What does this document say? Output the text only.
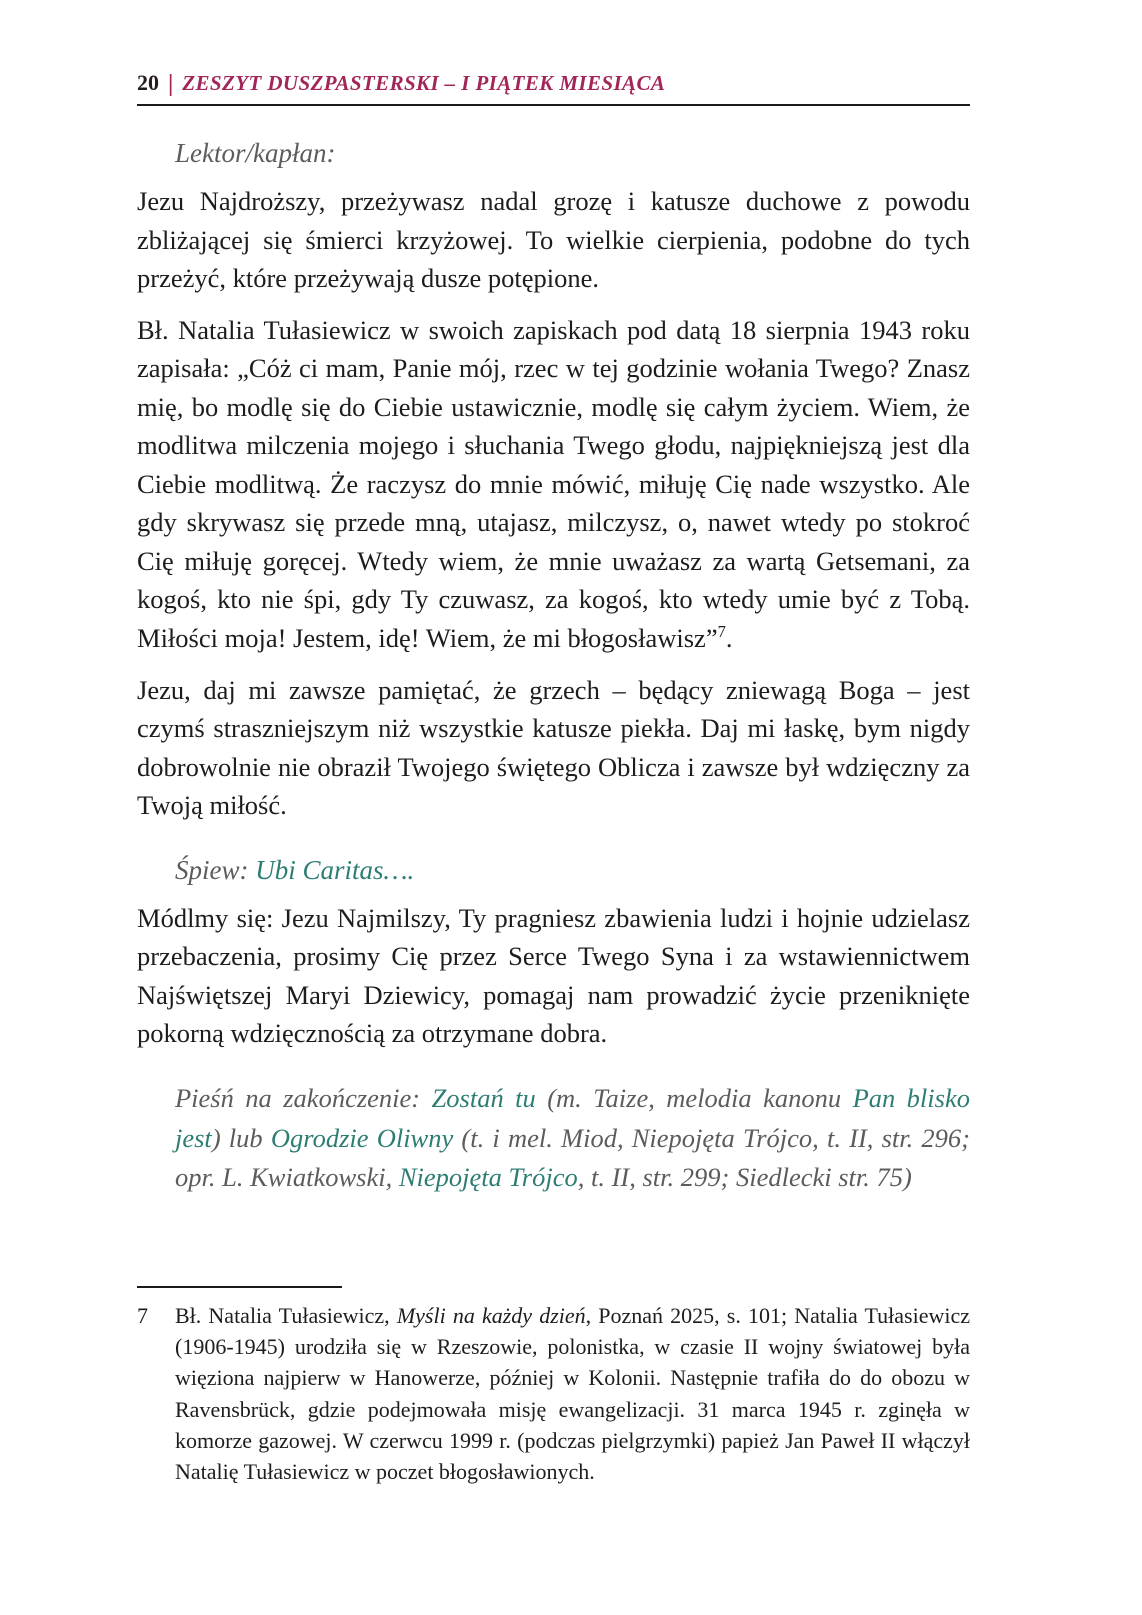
20 | ZESZYT DUSZPASTERSKI – I PIĄTEK MIESIĄCA

Lektor/kapłan:

Jezu Najdroższy, przeżywasz nadal grozę i katusze duchowe z powodu zbliżającej się śmierci krzyżowej. To wielkie cierpienia, podobne do tych przeżyć, które przeżywają dusze potępione.

Bł. Natalia Tułasiewicz w swoich zapiskach pod datą 18 sierpnia 1943 roku zapisała: „Cóż ci mam, Panie mój, rzec w tej godzinie wołania Twego? Znasz mię, bo modlę się do Ciebie ustawicznie, modlę się całym życiem. Wiem, że modlitwa milczenia mojego i słuchania Twego głodu, najpiękniejszą jest dla Ciebie modlitwą. Że raczysz do mnie mówić, miłuję Cię nade wszystko. Ale gdy skrywasz się przede mną, utajasz, milczysz, o, nawet wtedy po stokroć Cię miłuję goręcej. Wtedy wiem, że mnie uważasz za wartą Getsemani, za kogoś, kto nie śpi, gdy Ty czuwasz, za kogoś, kto wtedy umie być z Tobą. Miłości moja! Jestem, idę! Wiem, że mi błogosławisz”$^7$.

Jezu, daj mi zawsze pamiętać, że grzech – będący zniewagą Boga – jest czymś straszniejszym niż wszystkie katusze piekła. Daj mi łaskę, bym nigdy dobrowolnie nie obraził Twojego świętego Oblicza i zawsze był wdzięczny za Twoją miłość.

Śpiew: Ubi Caritas….

Módlmy się: Jezu Najmilszy, Ty pragniesz zbawienia ludzi i hojnie udzielasz przebaczenia, prosimy Cię przez Serce Twego Syna i za wstawiennictwem Najświętszej Maryi Dziewicy, pomagaj nam prowadzić życie przeniknięte pokorną wdzięcznością za otrzymane dobra.

Pieśń na zakończenie: Zostań tu (m. Taize, melodia kanonu Pan blisko jest) lub Ogrodzie Oliwny (t. i mel. Miod, Niepojęta Trójco, t. II, str. 296; opr. L. Kwiatkowski, Niepojęta Trójco, t. II, str. 299; Siedlecki str. 75)

7	Bł. Natalia Tułasiewicz, Myśli na każdy dzień, Poznań 2025, s. 101; Natalia Tułasiewicz (1906-1945) urodziła się w Rzeszowie, polonistka, w czasie II wojny światowej była więziona najpierw w Hanowerze, później w Kolonii. Następnie trafiła do do obozu w Ravensbrück, gdzie podejmowała misję ewangelizacji. 31 marca 1945 r. zginęła w komorze gazowej. W czerwcu 1999 r. (podczas pielgrzymki) papież Jan Paweł II włączył Natalię Tułasiewicz w poczet błogosławionych.
